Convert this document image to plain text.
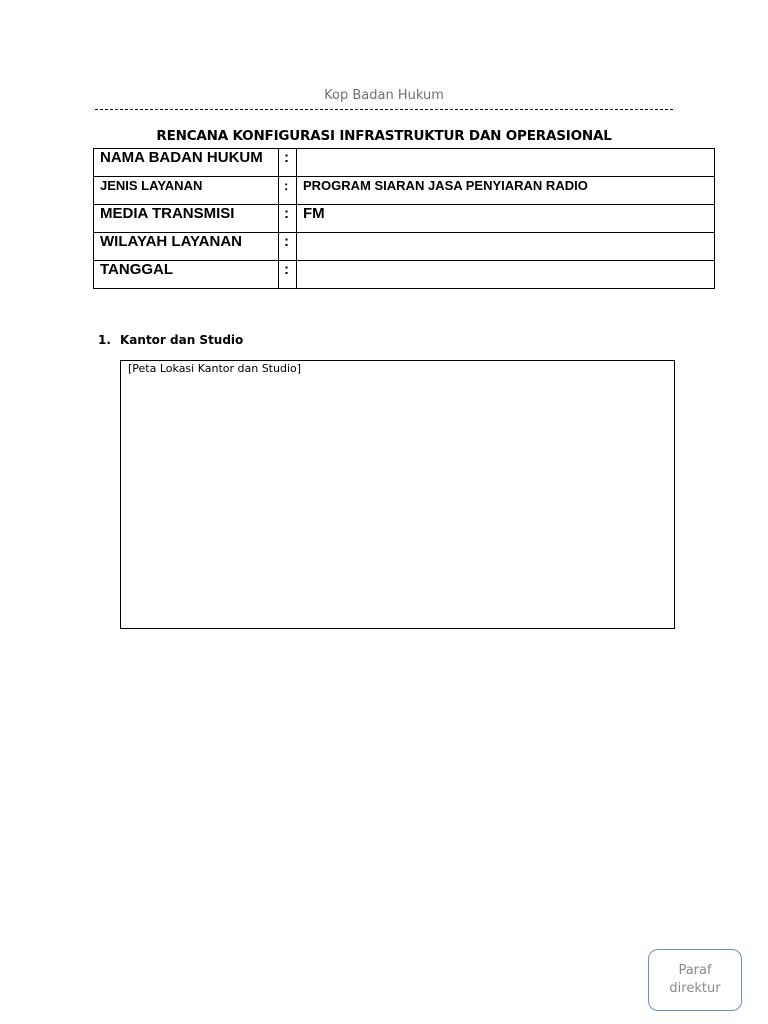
Kop Badan Hukum
RENCANA KONFIGURASI INFRASTRUKTUR DAN OPERASIONAL
NAMA BADAN HUKUM	:	
JENIS LAYANAN	:	PROGRAM SIARAN JASA PENYIARAN RADIO
MEDIA TRANSMISI	:	FM
WILAYAH LAYANAN	:	
TANGGAL	:	
1. Kantor dan Studio
[Peta Lokasi Kantor dan Studio]
Paraf
direktur
